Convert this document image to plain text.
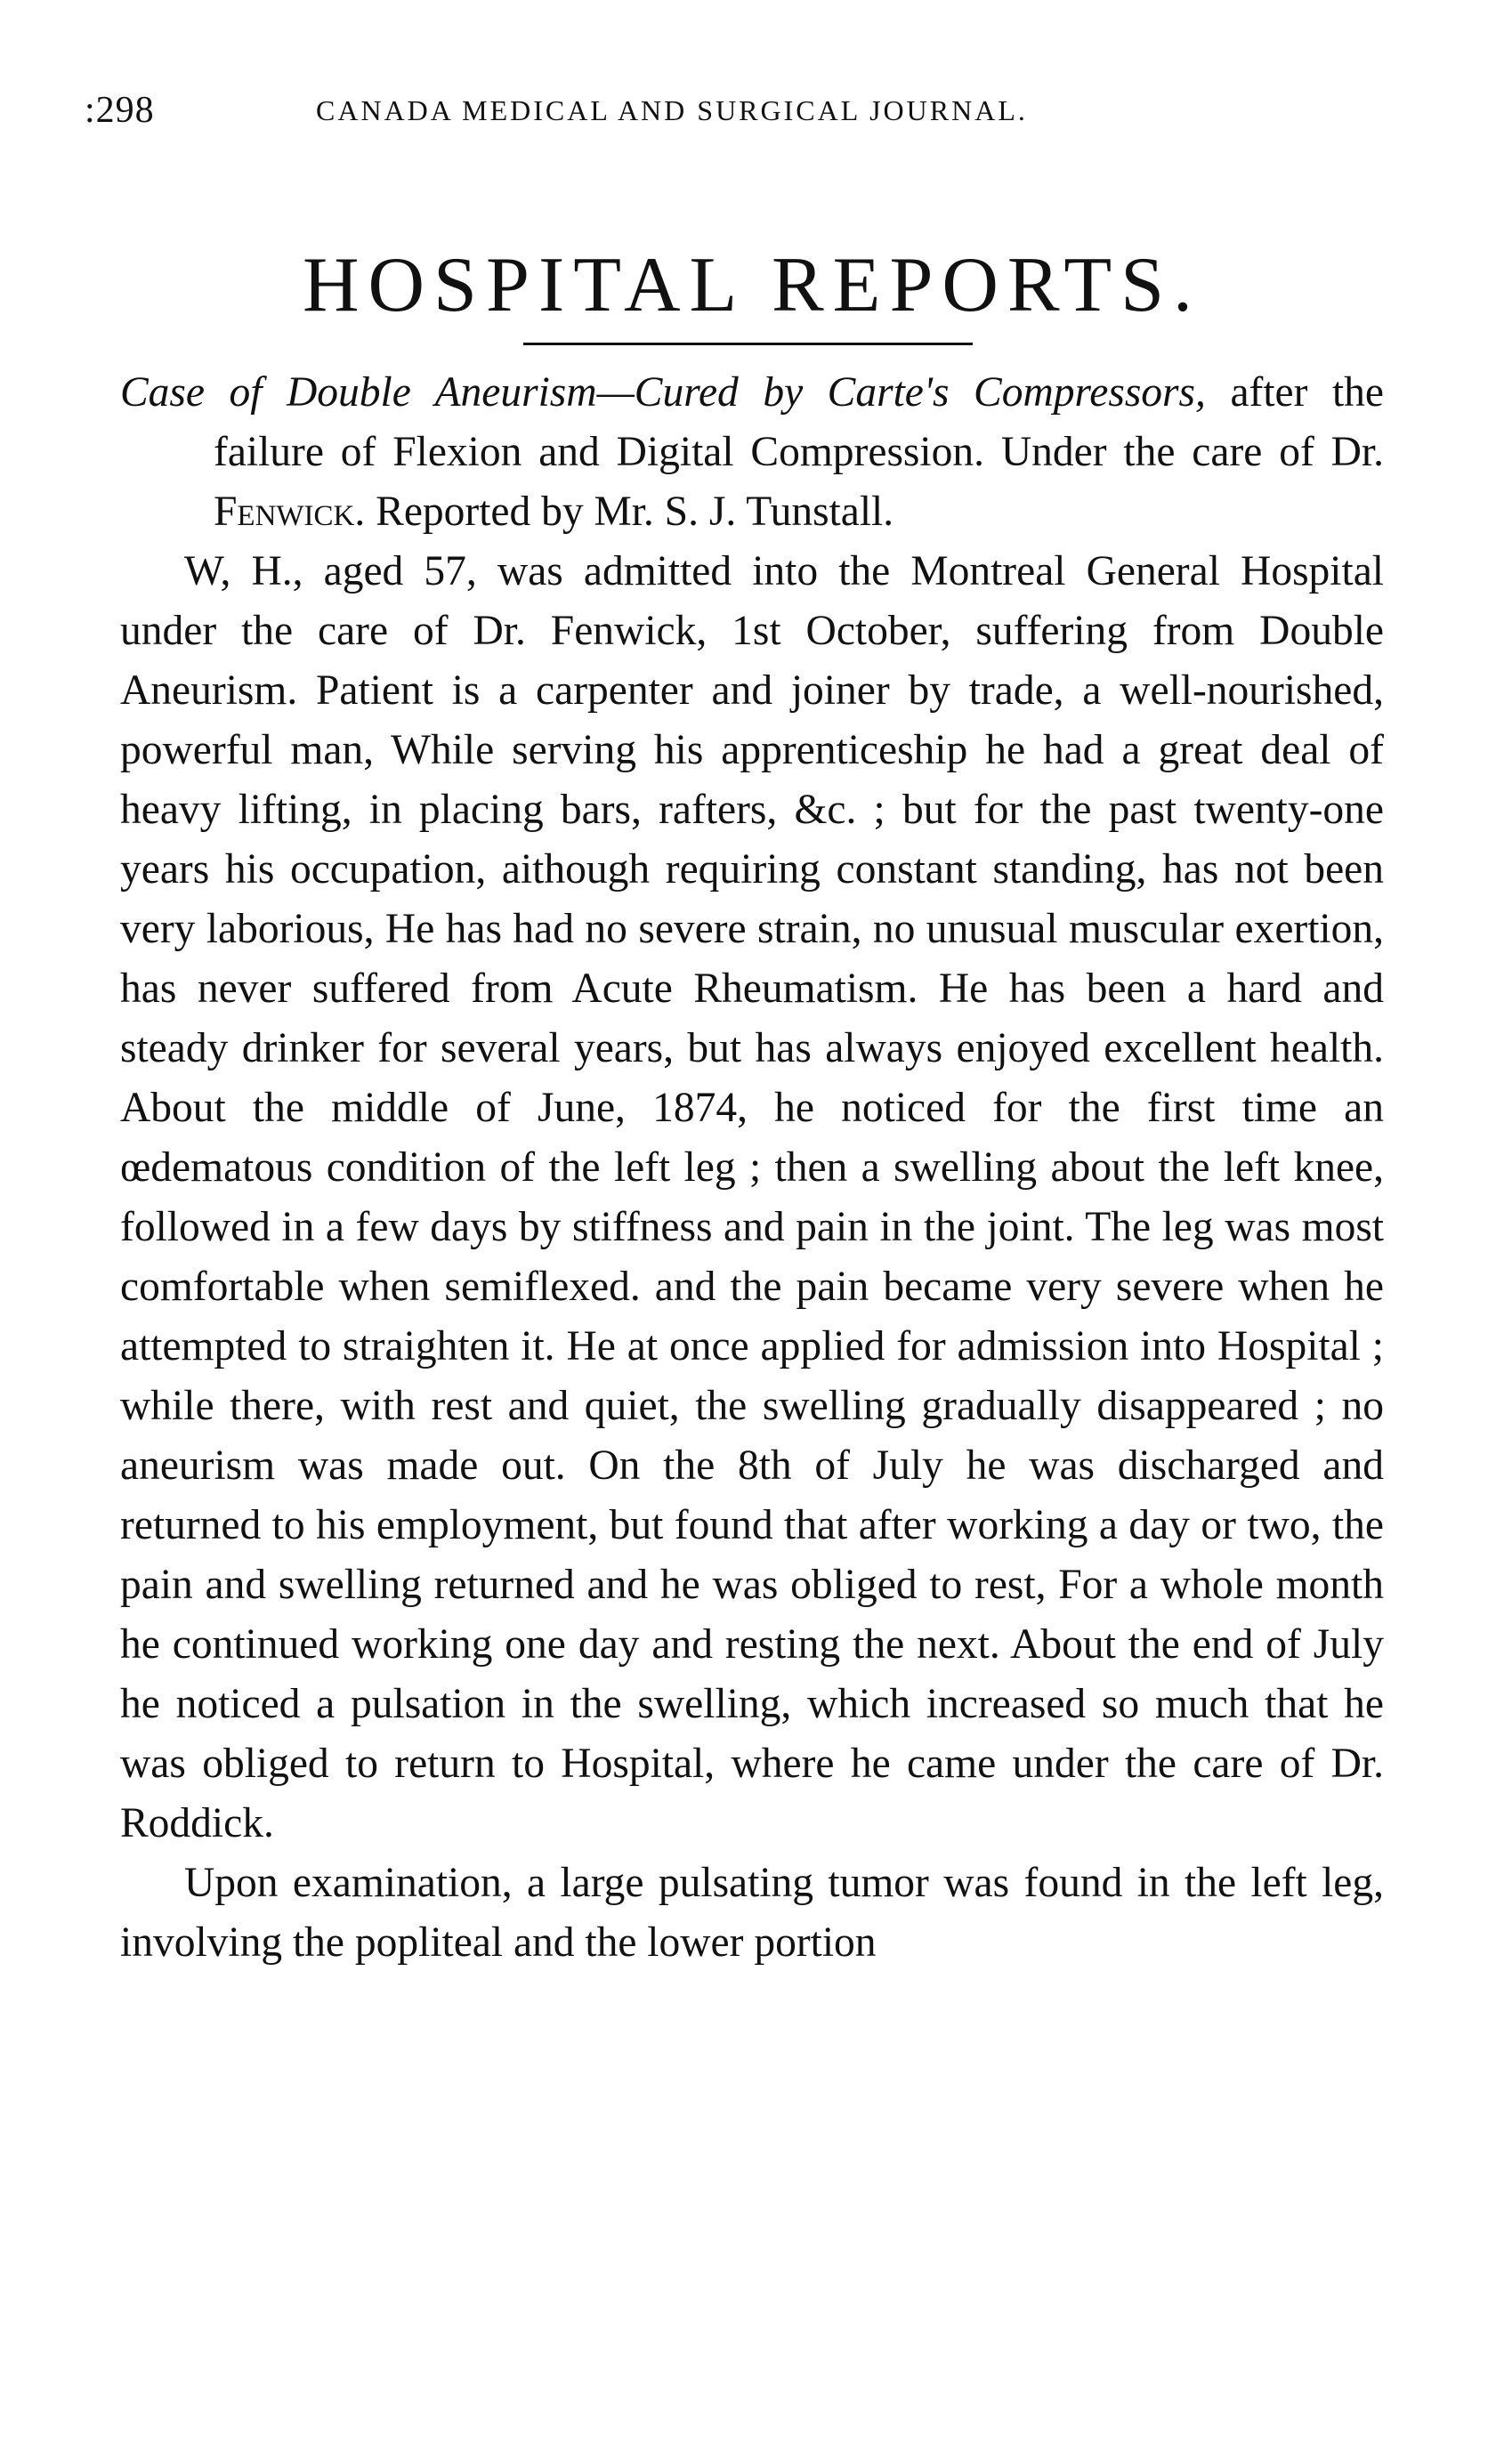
:298	CANADA MEDICAL AND SURGICAL JOURNAL.
HOSPITAL REPORTS.

Case of Double Aneurism—Cured by Carte's Compressors, after the failure of Flexion and Digital Compression. Under the care of Dr. Fenwick. Reported by Mr. S. J. Tunstall.

W, H., aged 57, was admitted into the Montreal General Hospital under the care of Dr. Fenwick, 1st October, suffering from Double Aneurism. Patient is a carpenter and joiner by trade, a well-nourished, powerful man, While serving his apprenticeship he had a great deal of heavy lifting, in placing bars, rafters, &c. ; but for the past twenty-one years his occupation, aithough requiring constant standing, has not been very laborious, He has had no severe strain, no unusual muscular exertion, has never suffered from Acute Rheumatism. He has been a hard and steady drinker for several years, but has always enjoyed excellent health. About the middle of June, 1874, he noticed for the first time an œdematous condition of the left leg ; then a swelling about the left knee, followed in a few days by stiffness and pain in the joint. The leg was most comfortable when semiflexed. and the pain became very severe when he attempted to straighten it. He at once applied for admission into Hospital ; while there, with rest and quiet, the swelling gradually disappeared ; no aneurism was made out. On the 8th of July he was discharged and returned to his employment, but found that after working a day or two, the pain and swelling returned and he was obliged to rest, For a whole month he continued working one day and resting the next. About the end of July he noticed a pulsation in the swelling, which increased so much that he was obliged to return to Hospital, where he came under the care of Dr. Roddick.

Upon examination, a large pulsating tumor was found in the left leg, involving the popliteal and the lower portion
